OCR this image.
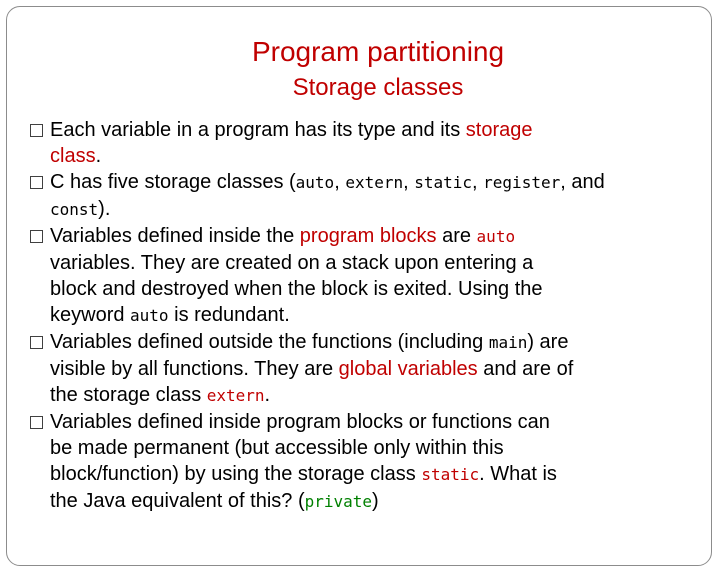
Program partitioning
Storage classes
Each variable in a program has its type and its storage
class.
C has five storage classes (auto, extern, static, register, and
const).
Variables defined inside the program blocks are auto
variables. They are created on a stack upon entering a
block and destroyed when the block is exited. Using the
keyword auto is redundant.
Variables defined outside the functions (including main) are
visible by all functions. They are global variables and are of
the storage class extern.
Variables defined inside program blocks or functions can
be made permanent (but accessible only within this
block/function) by using the storage class static. What is
the Java equivalent of this? (private)
